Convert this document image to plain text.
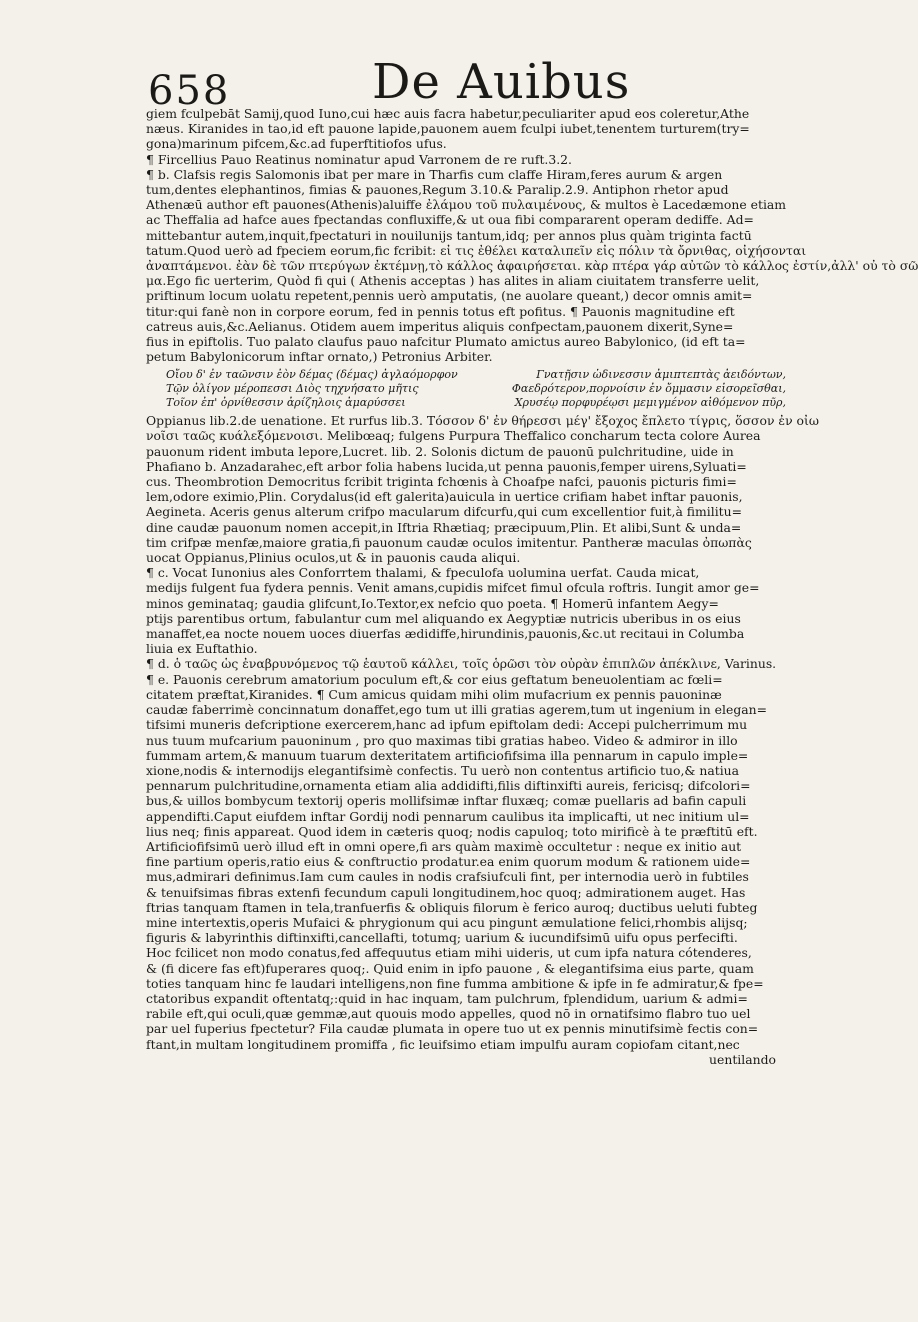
658	De Auibus
giem fculpebāt Samij,quod Iuno,cui hæc auis facra habetur,peculiariter apud eos coleretur,Athe
næus. Kiranides in tao,id eft pauone lapide,pauonem auem fculpi iubet,tenentem turturem(try=
gona)marinum pifcem,&c.ad fuperftitiofos ufus.
¶ Fircellius Pauo Reatinus nominatur apud Varronem de re ruft.3.2.
¶ b. Clafsis regis Salomonis ibat per mare in Tharfis cum claffe Hiram,feres aurum & argen
tum,dentes elephantinos, fimias & pauones,Regum 3.10.& Paralip.2.9. Antiphon rhetor apud
Athenæū author eft pauones(Athenis)aluiffe ἐλάμου τοῦ πυλαιμένους, & multos è Lacedæmone etiam
ac Theffalia ad hafce aues fpectandas confluxiffe,& ut oua fibi compararent operam dediffe. Ad=
mittebantur autem,inquit,fpectaturi in nouilunijs tantum,idq; per annos plus quàm triginta factū
tatum.Quod uerò ad fpeciem eorum,fic fcribit: εἰ τις ἐθέλει καταλιπεῖν εἰς πόλιν τὰ ὄρνιθας, οἰχήσονται
ἀναπτάμενοι. ἐὰν δὲ τῶν πτερύγων ἐκτέμνῃ,τὸ κάλλος ἀφαιρήσεται. κὰρ πτέρα γάρ αὐτῶν τὸ κάλλος ἐστίν,ἀλλ' οὐ τὸ σῶ
μα.Ego fic uerterim, Quòd fi qui ( Athenis acceptas ) has alites in aliam ciuitatem transferre uelit,
priftinum locum uolatu repetent,pennis uerò amputatis, (ne auolare queant,) decor omnis amit=
titur:qui fanè non in corpore eorum, fed in pennis totus eft pofitus. ¶ Pauonis magnitudine eft
catreus auis,&c.Aelianus. Otidem auem imperitus aliquis confpectam,pauonem dixerit,Syne=
fius in epiftolis. Tuo palato claufus pauo nafcitur Plumato amictus aureo Babylonico, (id eft ta=
petum Babylonicorum inftar ornato,) Petronius Arbiter.
Οἴου δ' ἐν ταῶνσιν ἐὸν δέμας (δέμας) ἀγλαόμορφον	Γνατῇσιν ὡδινεσσιν ἀμιπτεπτὰς ἀειδόντων,
Τῷν ὀλίγον μέροπεσσι Διὸς τηχνήσατο μῆτις	Φαεδρότερον,πορνοίσιν ἐν ὄμμασιν εἰσορεῖσθαι,
Τοῖον ἐπ' ὀρνίθεσσιν ἀρίζηλοις ἀμαρύσσει	Χρυσέῳ πορφυρέῳσι μεμιγμένον αἰθόμενον πῦρ,
Oppianus lib.2.de uenatione. Et rurfus lib.3. Τόσσον δ' ἐν θήρεσσι μέγ' ἔξοχος ἔπλετο τίγρις, ὅσσον ἐν οἰω
νοῖσι ταῶς κυάλεξόμενοισι. Melibœaq; fulgens Purpura Theffalico concharum tecta colore Aurea
pauonum rident imbuta lepore,Lucret. lib. 2. Solonis dictum de pauonū pulchritudine, uide in
Phafiano b. Anzadarahec,eft arbor folia habens lucida,ut penna pauonis,femper uirens,Syluati=
cus. Theombrotion Democritus fcribit triginta fchœnis à Choafpe nafci, pauonis picturis fimi=
lem,odore eximio,Plin. Corydalus(id eft galerita)auicula in uertice crifiam habet inftar pauonis,
Aegineta. Aceris genus alterum crifpo macularum difcurfu,qui cum excellentior fuit,à fimilitu=
dine caudæ pauonum nomen accepit,in Iftria Rhætiaq; præcipuum,Plin. Et alibi,Sunt & unda=
tim crifpæ menfæ,maiore gratia,fi pauonum caudæ oculos imitentur. Pantheræ maculas ὀπωπὰς
uocat Oppianus,Plinius oculos,ut & in pauonis cauda aliqui.
¶ c. Vocat Iunonius ales Conforrtem thalami, & fpeculofa uolumina uerfat. Cauda micat,
medijs fulgent fua fydera pennis. Venit amans,cupidis mifcet fimul ofcula roftris. Iungit amor ge=
minos geminataq; gaudia glifcunt,Io.Textor,ex nefcio quo poeta. ¶ Homerū infantem Aegy=
ptijs parentibus ortum, fabulantur cum mel aliquando ex Aegyptiæ nutricis uberibus in os eius
manaffet,ea nocte nouem uoces diuerfas ædidiffe,hirundinis,pauonis,&c.ut recitaui in Columba
liuia ex Euftathio.
¶ d. ὁ ταῶς ὡς ἐναβρυνόμενος τῷ ἑαυτοῦ κάλλει, τοῖς ὁρῶσι τὸν οὐρὰν ἐπιπλῶν ἀπέκλινε, Varinus.
¶ e. Pauonis cerebrum amatorium poculum eft,& cor eius geftatum beneuolentiam ac fœli=
citatem præftat,Kiranides. ¶ Cum amicus quidam mihi olim mufacrium ex pennis pauoninæ
caudæ faberrimè concinnatum donaffet,ego tum ut illi gratias agerem,tum ut ingenium in elegan=
tifsimi muneris defcriptione exercerem,hanc ad ipfum epiftolam dedi: Accepi pulcherrimum mu
nus tuum mufcarium pauoninum , pro quo maximas tibi gratias habeo. Video & admiror in illo
fummam artem,& manuum tuarum dexteritatem artificiofifsima illa pennarum in capulo imple=
xione,nodis & internodijs elegantifsimè confectis. Tu uerò non contentus artificio tuo,& natiua
pennarum pulchritudine,ornamenta etiam alia addidifti,filis diftinxifti aureis, fericisq; difcolori=
bus,& uillos bombycum textorij operis mollifsimæ inftar fluxæq; comæ puellaris ad bafin capuli
appendifti.Caput eiufdem inftar Gordij nodi pennarum caulibus ita implicafti, ut nec initium ul=
lius neq; finis appareat. Quod idem in cæteris quoq; nodis capuloq; toto mirificè à te præftitū eft.
Artificiofifsimū uerò illud eft in omni opere,fi ars quàm maximè occultetur : neque ex initio aut
fine partium operis,ratio eius & conftructio prodatur.ea enim quorum modum & rationem uide=
mus,admirari definimus.Iam cum caules in nodis crafsiufculi fint, per internodia uerò in fubtiles
& tenuifsimas fibras extenfi fecundum capuli longitudinem,hoc quoq; admirationem auget. Has
ftrias tanquam ftamen in tela,tranfuerfis & obliquis filorum è ferico auroq; ductibus ueluti fubteg
mine intertextis,operis Mufaici & phrygionum qui acu pingunt æmulatione felici,rhombis alijsq;
figuris & labyrinthis diftinxifti,cancellafti, totumq; uarium & iucundifsimū uifu opus perfecifti.
Hoc fcilicet non modo conatus,fed affequutus etiam mihi uideris, ut cum ipfa natura cótenderes,
& (fi dicere fas eft)fuperares quoq;. Quid enim in ipfo pauone , & elegantifsima eius parte, quam
toties tanquam hinc fe laudari intelligens,non fine fumma ambitione & ipfe in fe admiratur,& fpe=
ctatoribus expandit oftentatq;:quid in hac inquam, tam pulchrum, fplendidum, uarium & admi=
rabile eft,qui oculi,quæ gemmæ,aut quouis modo appelles, quod nō in ornatifsimo flabro tuo uel
par uel fuperius fpectetur? Fila caudæ plumata in opere tuo ut ex pennis minutifsimè fectis con=
ftant,in multam longitudinem promiffa , fic leuifsimo etiam impulfu auram copiofam citant,nec
uentilando
